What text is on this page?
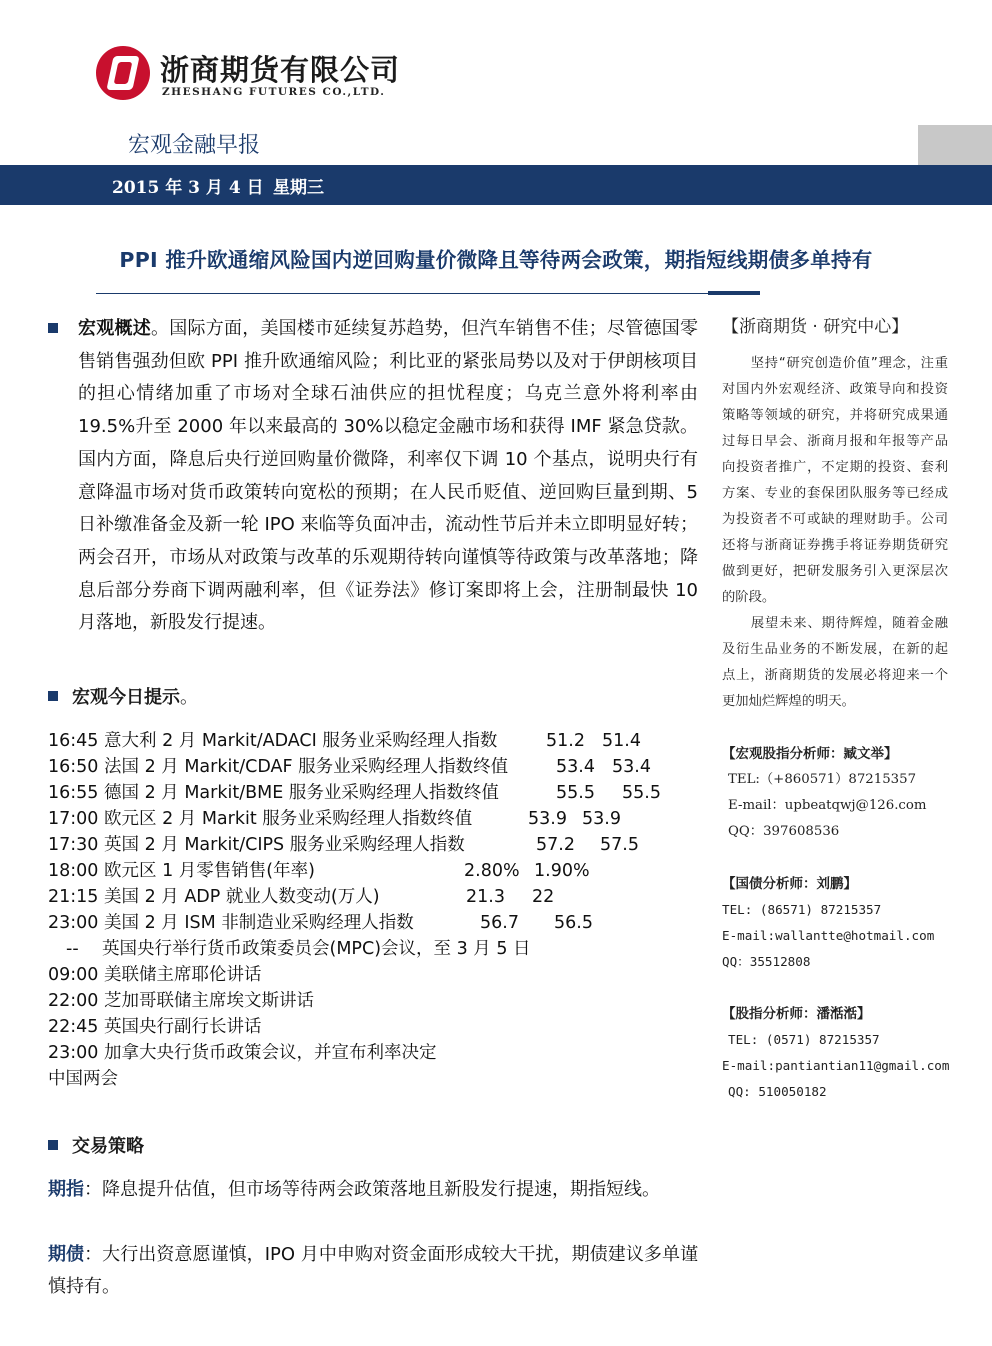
浙商期货有限公司
ZHESHANG FUTURES CO.,LTD.
宏观金融早报
2015 年 3 月 4 日 星期三
PPI 推升欧通缩风险国内逆回购量价微降且等待两会政策，期指短线期债多单持有
宏观概述。国际方面，美国楼市延续复苏趋势，但汽车销售不佳；尽管德国零售销售强劲但欧 PPI 推升欧通缩风险；利比亚的紧张局势以及对于伊朗核项目的担心情绪加重了市场对全球石油供应的担忧程度；乌克兰意外将利率由 19.5%升至 2000 年以来最高的 30%以稳定金融市场和获得 IMF 紧急贷款。国内方面，降息后央行逆回购量价微降，利率仅下调 10 个基点，说明央行有意降温市场对货币政策转向宽松的预期；在人民币贬值、逆回购巨量到期、5 日补缴准备金及新一轮 IPO 来临等负面冲击，流动性节后并未立即明显好转；两会召开，市场从对政策与改革的乐观期待转向谨慎等待政策与改革落地；降息后部分券商下调两融利率，但《证券法》修订案即将上会，注册制最快 10 月落地，新股发行提速。
宏观今日提示。
16:45 意大利 2 月 Markit/ADACI 服务业采购经理人指数	51.2 51.4
16:50 法国 2 月 Markit/CDAF 服务业采购经理人指数终值	53.4 53.4
16:55 德国 2 月 Markit/BME 服务业采购经理人指数终值	55.5 55.5
17:00 欧元区 2 月 Markit 服务业采购经理人指数终值	53.9 53.9
17:30 英国 2 月 Markit/CIPS 服务业采购经理人指数	57.2 57.5
18:00 欧元区 1 月零售销售(年率)	2.80% 1.90%
21:15 美国 2 月 ADP 就业人数变动(万人)	21.3 22
23:00 美国 2 月 ISM 非制造业采购经理人指数	56.7 56.5
-- 英国央行举行货币政策委员会(MPC)会议，至 3 月 5 日
09:00 美联储主席耶伦讲话
22:00 芝加哥联储主席埃文斯讲话
22:45 英国央行副行长讲话
23:00 加拿大央行货币政策会议，并宣布利率决定
中国两会
交易策略
期指：降息提升估值，但市场等待两会政策落地且新股发行提速，期指短线。
期债：大行出资意愿谨慎，IPO 月中申购对资金面形成较大干扰，期债建议多单谨慎持有。
【浙商期货 · 研究中心】
坚持“研究创造价值”理念，注重对国内外宏观经济、政策导向和投资策略等领域的研究，并将研究成果通过每日早会、浙商月报和年报等产品向投资者推广，不定期的投资、套利方案、专业的套保团队服务等已经成为投资者不可或缺的理财助手。公司还将与浙商证券携手将证券期货研究做到更好，把研发服务引入更深层次的阶段。
展望未来、期待辉煌，随着金融及衍生品业务的不断发展，在新的起点上，浙商期货的发展必将迎来一个更加灿烂辉煌的明天。
【宏观股指分析师：臧文举】
TEL:（+860571）87215357
E-mail：upbeatqwj@126.com
QQ：397608536
【国债分析师：刘鹏】
TEL: (86571) 87215357
E-mail:wallantte@hotmail.com
QQ：35512808
【股指分析师：潘湉湉】
TEL: (0571) 87215357
E-mail:pantiantian11@gmail.com
QQ: 510050182
